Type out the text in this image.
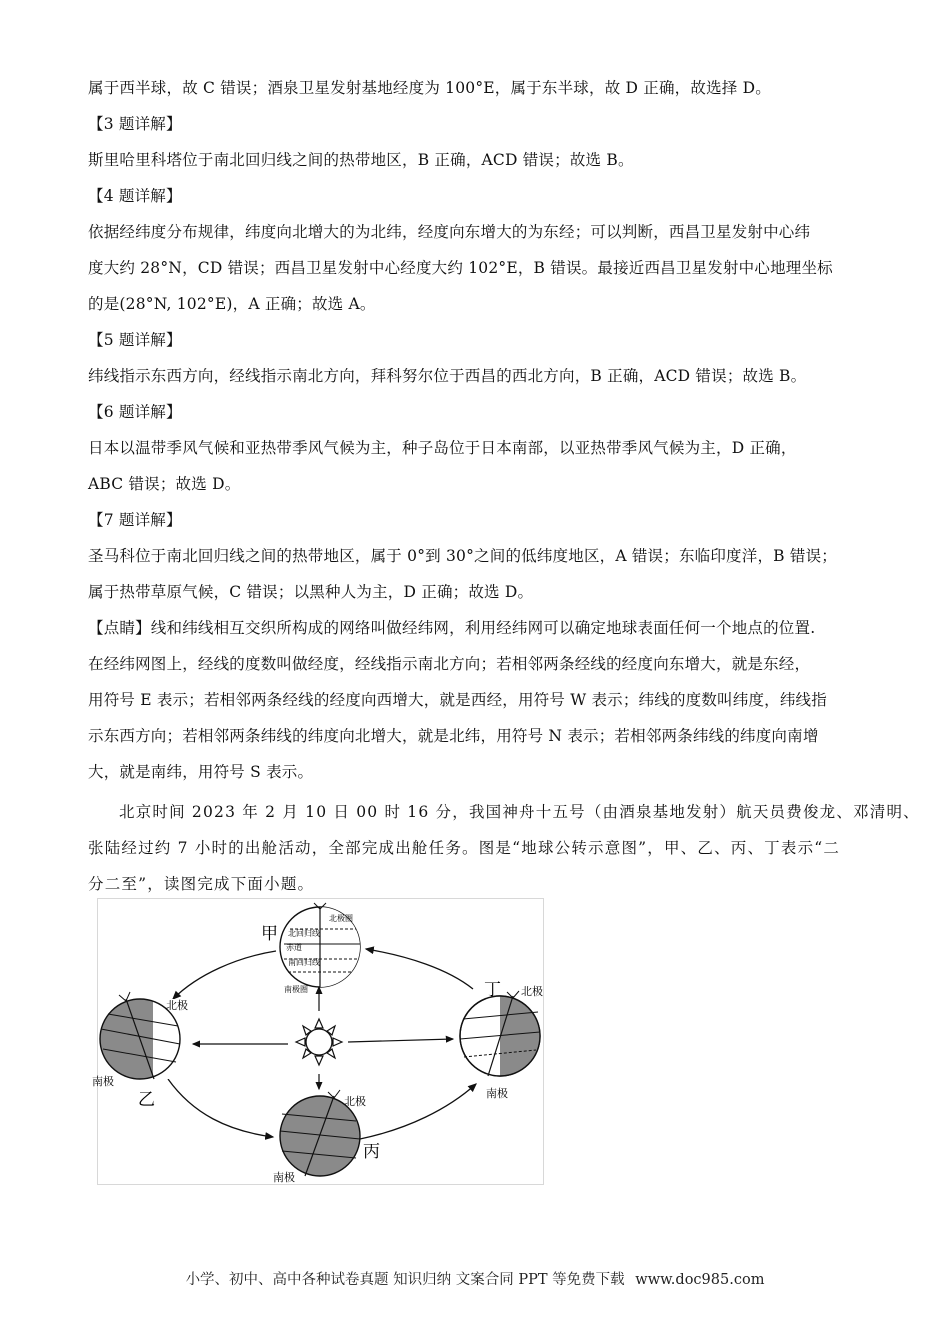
属于西半球，故 C 错误；酒泉卫星发射基地经度为 100°E，属于东半球，故 D 正确，故选择 D。
【3 题详解】
斯里哈里科塔位于南北回归线之间的热带地区，B 正确，ACD 错误；故选 B。
【4 题详解】
依据经纬度分布规律，纬度向北增大的为北纬，经度向东增大的为东经；可以判断，西昌卫星发射中心纬
度大约 28°N，CD 错误；西昌卫星发射中心经度大约 102°E，B 错误。最接近西昌卫星发射中心地理坐标
的是(28°N, 102°E)，A 正确；故选 A。
【5 题详解】
纬线指示东西方向，经线指示南北方向，拜科努尔位于西昌的西北方向，B 正确，ACD 错误；故选 B。
【6 题详解】
日本以温带季风气候和亚热带季风气候为主，种子岛位于日本南部，以亚热带季风气候为主，D 正确，
ABC 错误；故选 D。
【7 题详解】
圣马科位于南北回归线之间的热带地区，属于 0°到 30°之间的低纬度地区，A 错误；东临印度洋，B 错误；
属于热带草原气候，C 错误；以黑种人为主，D 正确；故选 D。
【点睛】线和纬线相互交织所构成的网络叫做经纬网，利用经纬网可以确定地球表面任何一个地点的位置.
在经纬网图上，经线的度数叫做经度，经线指示南北方向；若相邻两条经线的经度向东增大，就是东经，
用符号 E 表示；若相邻两条经线的经度向西增大，就是西经，用符号 W 表示；纬线的度数叫纬度，纬线指
示东西方向；若相邻两条纬线的纬度向北增大，就是北纬，用符号 N 表示；若相邻两条纬线的纬度向南增
大，就是南纬，用符号 S 表示。
北京时间 2023 年 2 月 10 日 00 时 16 分，我国神舟十五号（由酒泉基地发射）航天员费俊龙、邓清明、
张陆经过约 7 小时的出舱活动，全部完成出舱任务。图是“地球公转示意图”，甲、乙、丙、丁表示“二
分二至”，读图完成下面小题。
北极圈
北回归线
赤道
南回归线
南极圈
甲
北极
南极
乙	北极
南极
丙
北极
南极
丁
小学、初中、高中各种试卷真题 知识归纳 文案合同 PPT 等免费下载 www.doc985.com
